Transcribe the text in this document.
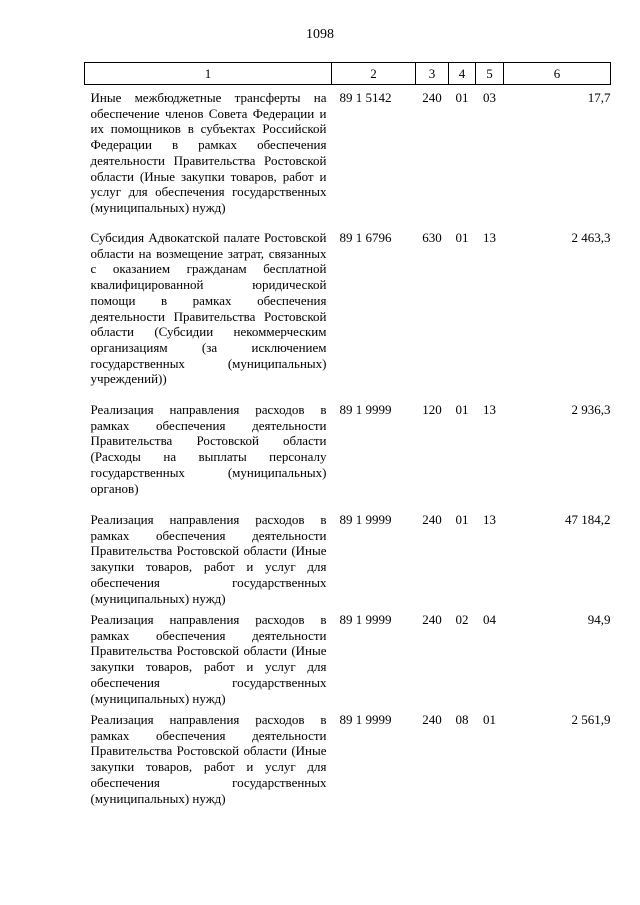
1098
1	2	3	4	5	6
Иные межбюджетные трансферты на обеспечение членов Совета Федерации и их помощников в субъектах Российской Федерации в рамках обеспечения деятельности Правительства Ростовской области (Иные закупки товаров, работ и услуг для обеспечения государственных (муниципальных) нужд)	89 1 5142	240	01	03	17,7
Субсидия Адвокатской палате Ростовской области на возмещение затрат, связанных с оказанием гражданам бесплатной квалифицированной юридической помощи в рамках обеспечения деятельности Правительства Ростовской области (Субсидии некоммерческим организациям (за исключением государственных (муниципальных) учреждений))	89 1 6796	630	01	13	2 463,3
Реализация направления расходов в рамках обеспечения деятельности Правительства Ростовской области (Расходы на выплаты персоналу государственных (муниципальных) органов)	89 1 9999	120	01	13	2 936,3
Реализация направления расходов в рамках обеспечения деятельности Правительства Ростовской области (Иные закупки товаров, работ и услуг для обеспечения государственных (муниципальных) нужд)	89 1 9999	240	01	13	47 184,2
Реализация направления расходов в рамках обеспечения деятельности Правительства Ростовской области (Иные закупки товаров, работ и услуг для обеспечения государственных (муниципальных) нужд)	89 1 9999	240	02	04	94,9
Реализация направления расходов в рамках обеспечения деятельности Правительства Ростовской области (Иные закупки товаров, работ и услуг для обеспечения государственных (муниципальных) нужд)	89 1 9999	240	08	01	2 561,9
